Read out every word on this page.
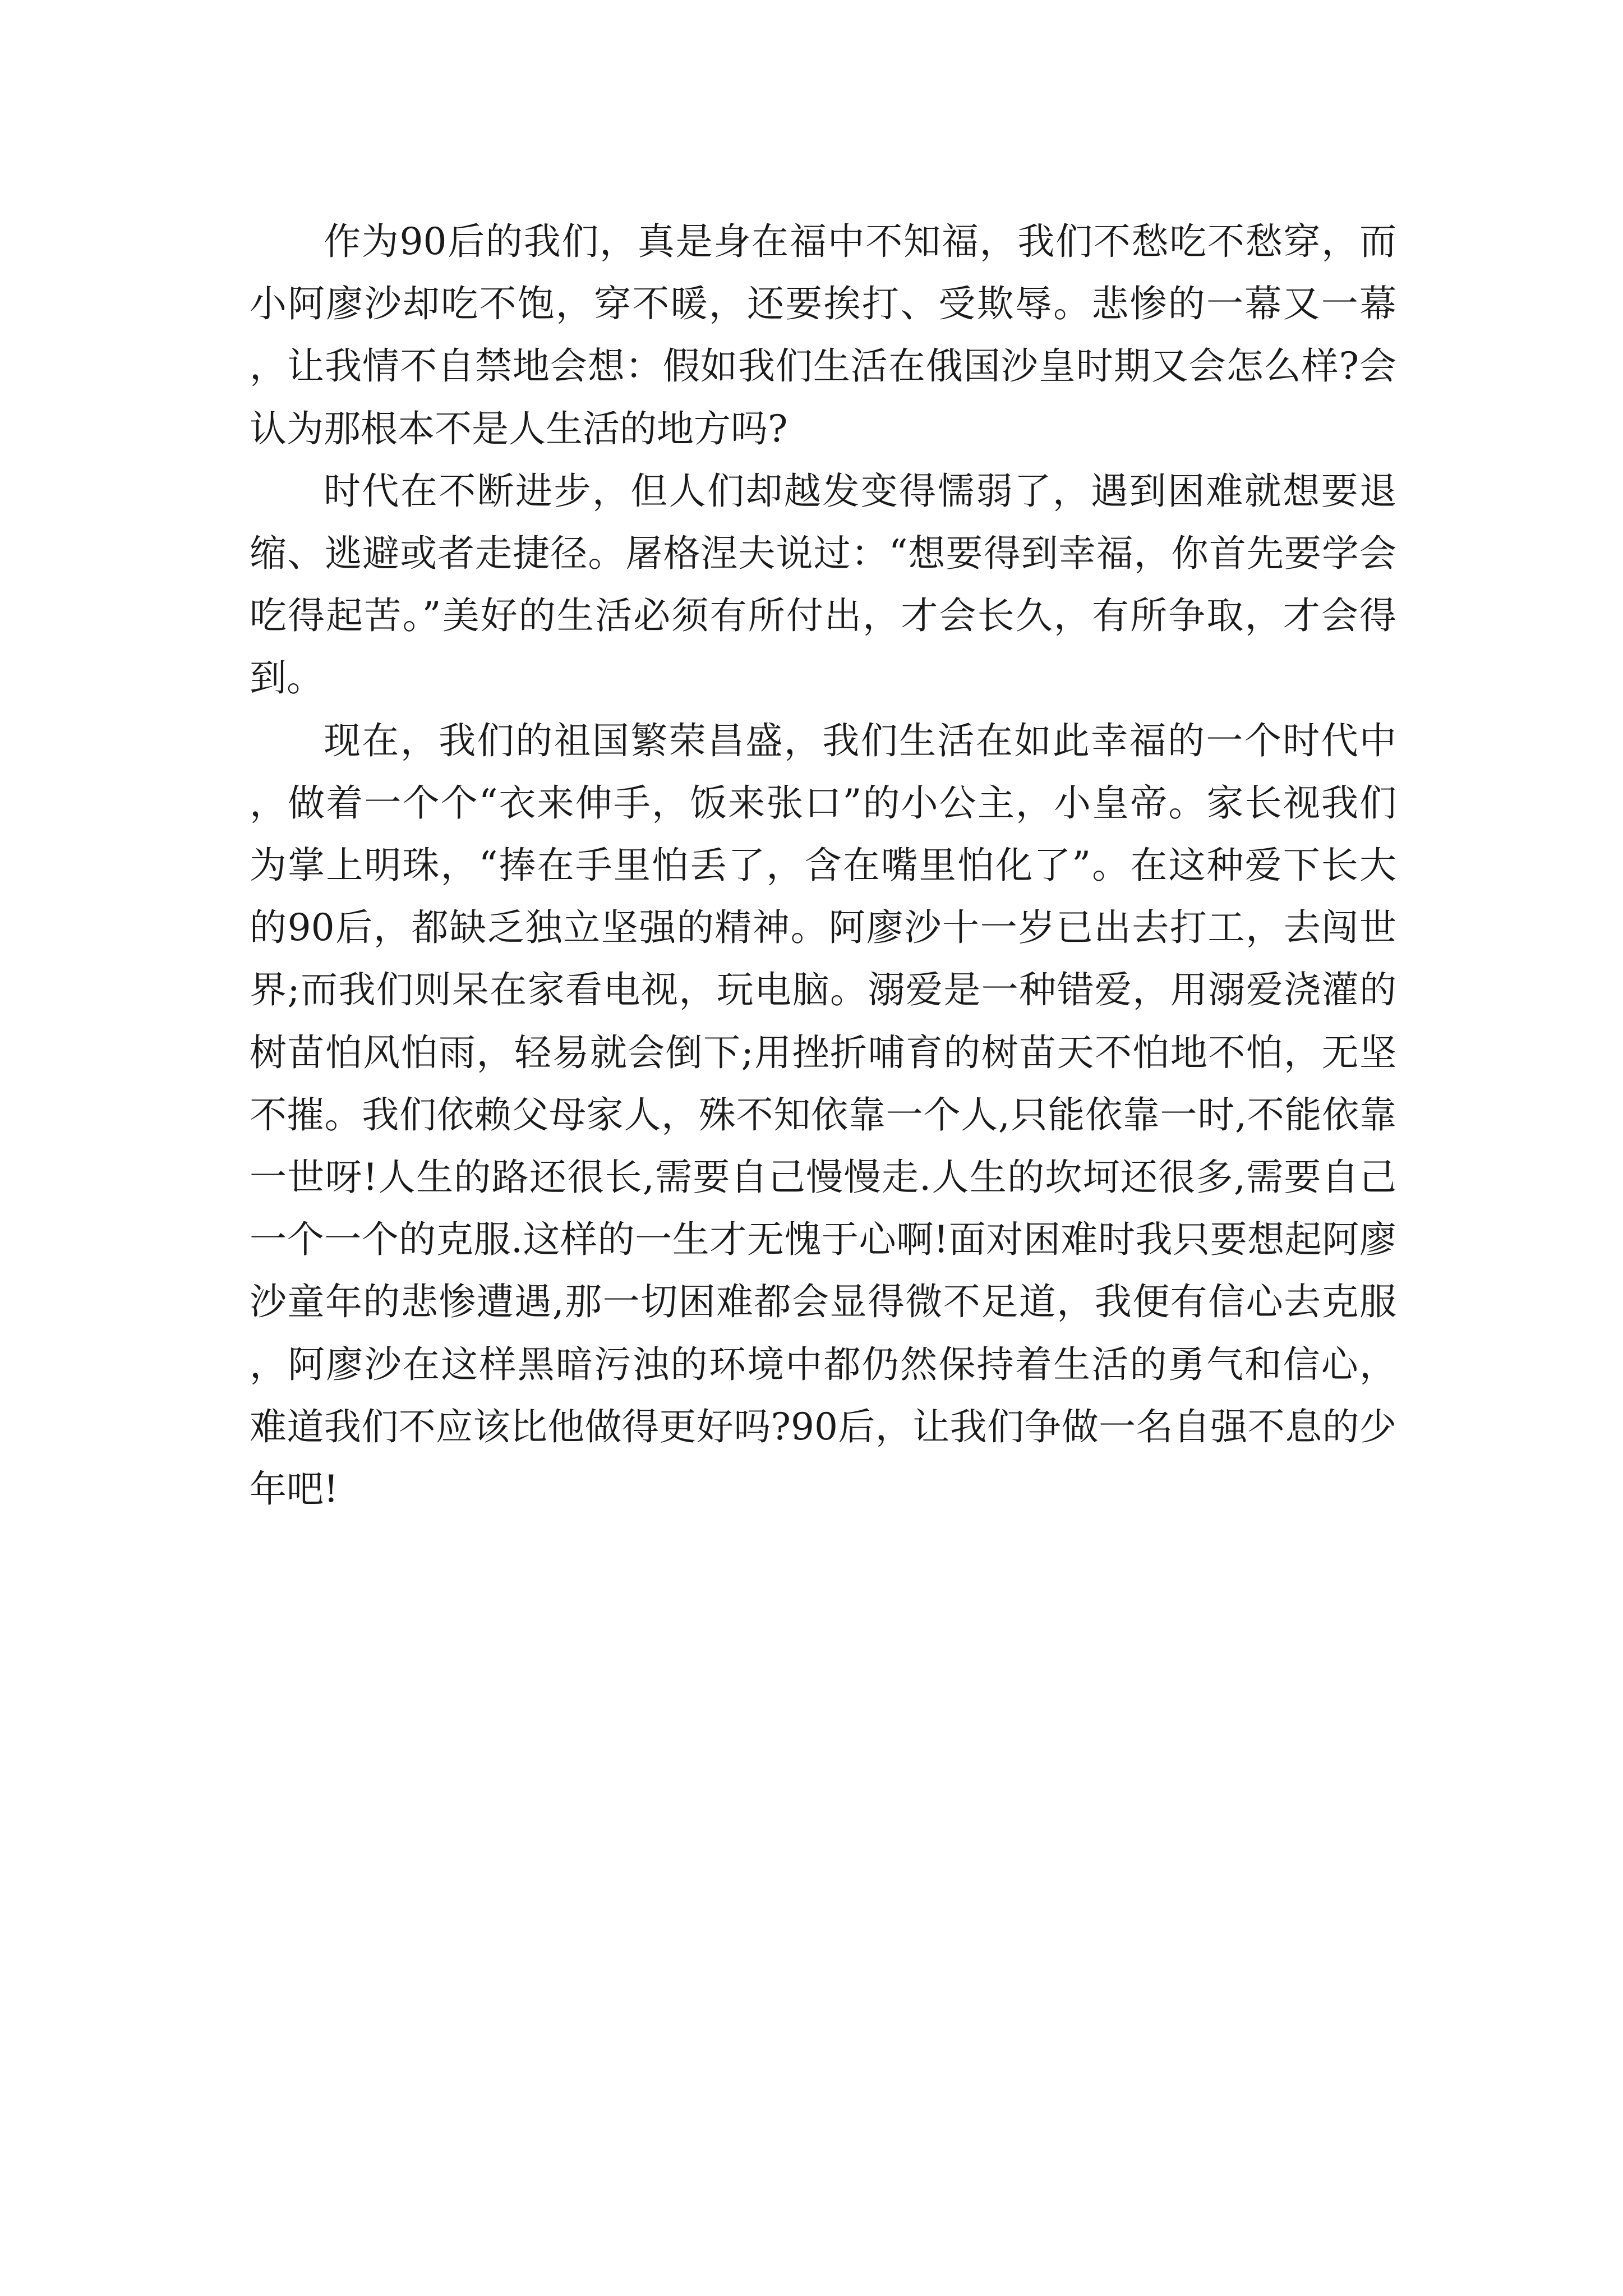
作为90后的我们，真是身在福中不知福，我们不愁吃不愁穿，而小阿廖沙却吃不饱，穿不暖，还要挨打、受欺辱。悲惨的一幕又一幕，让我情不自禁地会想：假如我们生活在俄国沙皇时期又会怎么样?会认为那根本不是人生活的地方吗?

时代在不断进步，但人们却越发变得懦弱了，遇到困难就想要退缩、逃避或者走捷径。屠格涅夫说过：“想要得到幸福，你首先要学会吃得起苦。”美好的生活必须有所付出，才会长久，有所争取，才会得到。

现在，我们的祖国繁荣昌盛，我们生活在如此幸福的一个时代中，做着一个个“衣来伸手，饭来张口”的小公主，小皇帝。家长视我们为掌上明珠，“捧在手里怕丢了，含在嘴里怕化了”。在这种爱下长大的90后，都缺乏独立坚强的精神。阿廖沙十一岁已出去打工，去闯世界;而我们则呆在家看电视，玩电脑。溺爱是一种错爱，用溺爱浇灌的树苗怕风怕雨，轻易就会倒下;用挫折哺育的树苗天不怕地不怕，无坚不摧。我们依赖父母家人，殊不知依靠一个人,只能依靠一时,不能依靠一世呀!人生的路还很长,需要自己慢慢走.人生的坎坷还很多,需要自己一个一个的克服.这样的一生才无愧于心啊!面对困难时我只要想起阿廖沙童年的悲惨遭遇,那一切困难都会显得微不足道，我便有信心去克服，阿廖沙在这样黑暗污浊的环境中都仍然保持着生活的勇气和信心，难道我们不应该比他做得更好吗?90后，让我们争做一名自强不息的少年吧!
